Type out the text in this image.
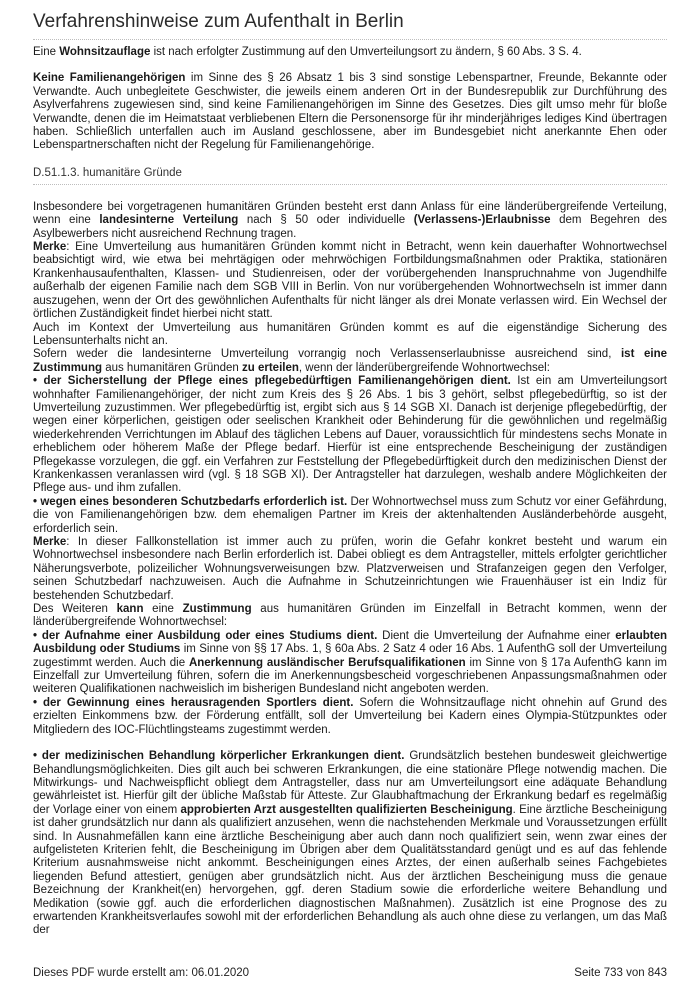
Verfahrenshinweise zum Aufenthalt in Berlin

Eine Wohnsitzauflage ist nach erfolgter Zustimmung auf den Umverteilungsort zu ändern, § 60 Abs. 3 S. 4.

Keine Familienangehörigen im Sinne des § 26 Absatz 1 bis 3 sind sonstige Lebenspartner, Freunde, Bekannte oder Verwandte. Auch unbegleitete Geschwister, die jeweils einem anderen Ort in der Bundesrepublik zur Durchführung des Asylverfahrens zugewiesen sind, sind keine Familienangehörigen im Sinne des Gesetzes. Dies gilt umso mehr für bloße Verwandte, denen die im Heimatstaat verbliebenen Eltern die Personensorge für ihr minderjähriges lediges Kind übertragen haben. Schließlich unterfallen auch im Ausland geschlossene, aber im Bundesgebiet nicht anerkannte Ehen oder Lebenspartnerschaften nicht der Regelung für Familienangehörige.

D.51.1.3. humanitäre Gründe

Insbesondere bei vorgetragenen humanitären Gründen besteht erst dann Anlass für eine länderübergreifende Verteilung, wenn eine landesinterne Verteilung nach § 50 oder individuelle (Verlassens-)Erlaubnisse dem Begehren des Asylbewerbers nicht ausreichend Rechnung tragen.

Merke: Eine Umverteilung aus humanitären Gründen kommt nicht in Betracht, wenn kein dauerhafter Wohnortwechsel beabsichtigt wird, wie etwa bei mehrtägigen oder mehrwöchigen Fortbildungsmaßnahmen oder Praktika, stationären Krankenhausaufenthalten, Klassen- und Studienreisen, oder der vorübergehenden Inanspruchnahme von Jugendhilfe außerhalb der eigenen Familie nach dem SGB VIII in Berlin. Von nur vorübergehenden Wohnortwechseln ist immer dann auszugehen, wenn der Ort des gewöhnlichen Aufenthalts für nicht länger als drei Monate verlassen wird. Ein Wechsel der örtlichen Zuständigkeit findet hierbei nicht statt.

Auch im Kontext der Umverteilung aus humanitären Gründen kommt es auf die eigenständige Sicherung des Lebensunterhalts nicht an.

Sofern weder die landesinterne Umverteilung vorrangig noch Verlassenserlaubnisse ausreichend sind, ist eine Zustimmung aus humanitären Gründen zu erteilen, wenn der länderübergreifende Wohnortwechsel:

• der Sicherstellung der Pflege eines pflegebedürftigen Familienangehörigen dient. Ist ein am Umverteilungsort wohnhafter Familienangehöriger, der nicht zum Kreis des § 26 Abs. 1 bis 3 gehört, selbst pflegebedürftig, so ist der Umverteilung zuzustimmen. Wer pflegebedürftig ist, ergibt sich aus § 14 SGB XI. Danach ist derjenige pflegebedürftig, der wegen einer körperlichen, geistigen oder seelischen Krankheit oder Behinderung für die gewöhnlichen und regelmäßig wiederkehrenden Verrichtungen im Ablauf des täglichen Lebens auf Dauer, voraussichtlich für mindestens sechs Monate in erheblichem oder höherem Maße der Pflege bedarf. Hierfür ist eine entsprechende Bescheinigung der zuständigen Pflegekasse vorzulegen, die ggf. ein Verfahren zur Feststellung der Pflegebedürftigkeit durch den medizinischen Dienst der Krankenkassen veranlassen wird (vgl. § 18 SGB XI). Der Antragsteller hat darzulegen, weshalb andere Möglichkeiten der Pflege aus- und ihm zufallen.

• wegen eines besonderen Schutzbedarfs erforderlich ist. Der Wohnortwechsel muss zum Schutz vor einer Gefährdung, die von Familienangehörigen bzw. dem ehemaligen Partner im Kreis der aktenhaltenden Ausländerbehörde ausgeht, erforderlich sein.

Merke: In dieser Fallkonstellation ist immer auch zu prüfen, worin die Gefahr konkret besteht und warum ein Wohnortwechsel insbesondere nach Berlin erforderlich ist. Dabei obliegt es dem Antragsteller, mittels erfolgter gerichtlicher Näherungsverbote, polizeilicher Wohnungsverweisungen bzw. Platzverweisen und Strafanzeigen gegen den Verfolger, seinen Schutzbedarf nachzuweisen. Auch die Aufnahme in Schutzeinrichtungen wie Frauenhäuser ist ein Indiz für bestehenden Schutzbedarf.

Des Weiteren kann eine Zustimmung aus humanitären Gründen im Einzelfall in Betracht kommen, wenn der länderübergreifende Wohnortwechsel:

• der Aufnahme einer Ausbildung oder eines Studiums dient. Dient die Umverteilung der Aufnahme einer erlaubten Ausbildung oder Studiums im Sinne von §§ 17 Abs. 1, § 60a Abs. 2 Satz 4 oder 16 Abs. 1 AufenthG soll der Umverteilung zugestimmt werden. Auch die Anerkennung ausländischer Berufsqualifikationen im Sinne von § 17a AufenthG kann im Einzelfall zur Umverteilung führen, sofern die im Anerkennungsbescheid vorgeschriebenen Anpassungsmaßnahmen oder weiteren Qualifikationen nachweislich im bisherigen Bundesland nicht angeboten werden.

• der Gewinnung eines herausragenden Sportlers dient. Sofern die Wohnsitzauflage nicht ohnehin auf Grund des erzielten Einkommens bzw. der Förderung entfällt, soll der Umverteilung bei Kadern eines Olympia-Stützpunktes oder Mitgliedern des IOC-Flüchtlingsteams zugestimmt werden.

• der medizinischen Behandlung körperlicher Erkrankungen dient. Grundsätzlich bestehen bundesweit gleichwertige Behandlungsmöglichkeiten. Dies gilt auch bei schweren Erkrankungen, die eine stationäre Pflege notwendig machen. Die Mitwirkungs- und Nachweispflicht obliegt dem Antragsteller, dass nur am Umverteilungsort eine adäquate Behandlung gewährleistet ist. Hierfür gilt der übliche Maßstab für Atteste. Zur Glaubhaftmachung der Erkrankung bedarf es regelmäßig der Vorlage einer von einem approbierten Arzt ausgestellten qualifizierten Bescheinigung. Eine ärztliche Bescheinigung ist daher grundsätzlich nur dann als qualifiziert anzusehen, wenn die nachstehenden Merkmale und Voraussetzungen erfüllt sind. In Ausnahmefällen kann eine ärztliche Bescheinigung aber auch dann noch qualifiziert sein, wenn zwar eines der aufgelisteten Kriterien fehlt, die Bescheinigung im Übrigen aber dem Qualitätsstandard genügt und es auf das fehlende Kriterium ausnahmsweise nicht ankommt. Bescheinigungen eines Arztes, der einen außerhalb seines Fachgebietes liegenden Befund attestiert, genügen aber grundsätzlich nicht. Aus der ärztlichen Bescheinigung muss die genaue Bezeichnung der Krankheit(en) hervorgehen, ggf. deren Stadium sowie die erforderliche weitere Behandlung und Medikation (sowie ggf. auch die erforderlichen diagnostischen Maßnahmen). Zusätzlich ist eine Prognose des zu erwartenden Krankheitsverlaufes sowohl mit der erforderlichen Behandlung als auch ohne diese zu verlangen, um das Maß der

Dieses PDF wurde erstellt am: 06.01.2020	Seite 733 von 843
